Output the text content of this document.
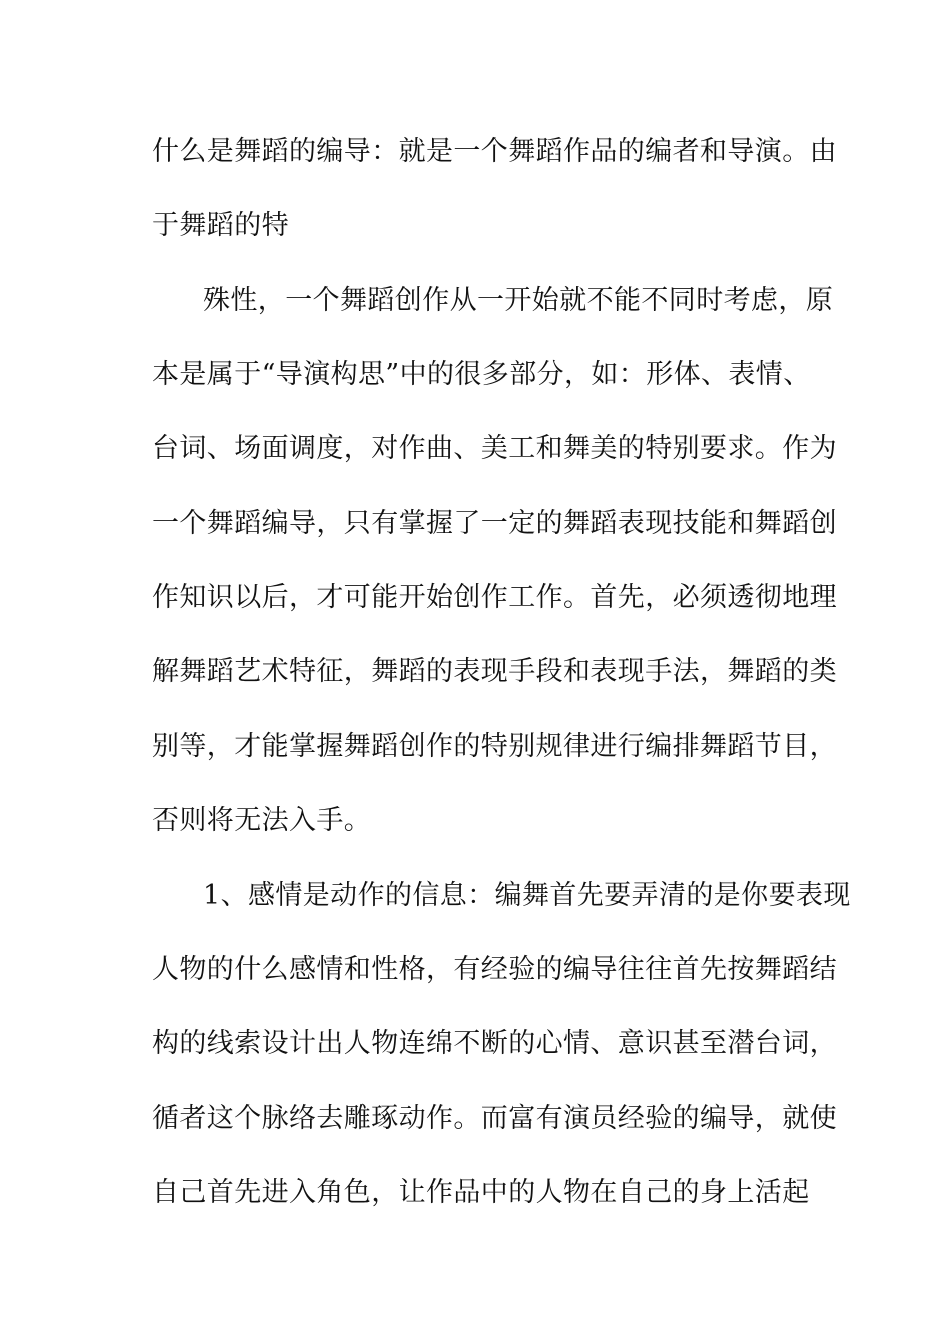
什么是舞蹈的编导：就是一个舞蹈作品的编者和导演。由
于舞蹈的特
殊性，一个舞蹈创作从一开始就不能不同时考虑，原
本是属于“导演构思”中的很多部分，如：形体、表情、
台词、场面调度，对作曲、美工和舞美的特别要求。作为
一个舞蹈编导，只有掌握了一定的舞蹈表现技能和舞蹈创
作知识以后，才可能开始创作工作。首先，必须透彻地理
解舞蹈艺术特征，舞蹈的表现手段和表现手法，舞蹈的类
别等，才能掌握舞蹈创作的特别规律进行编排舞蹈节目，
否则将无法入手。
1、感情是动作的信息：编舞首先要弄清的是你要表现
人物的什么感情和性格，有经验的编导往往首先按舞蹈结
构的线索设计出人物连绵不断的心情、意识甚至潜台词，
循者这个脉络去雕琢动作。而富有演员经验的编导，就使
自己首先进入角色，让作品中的人物在自己的身上活起
